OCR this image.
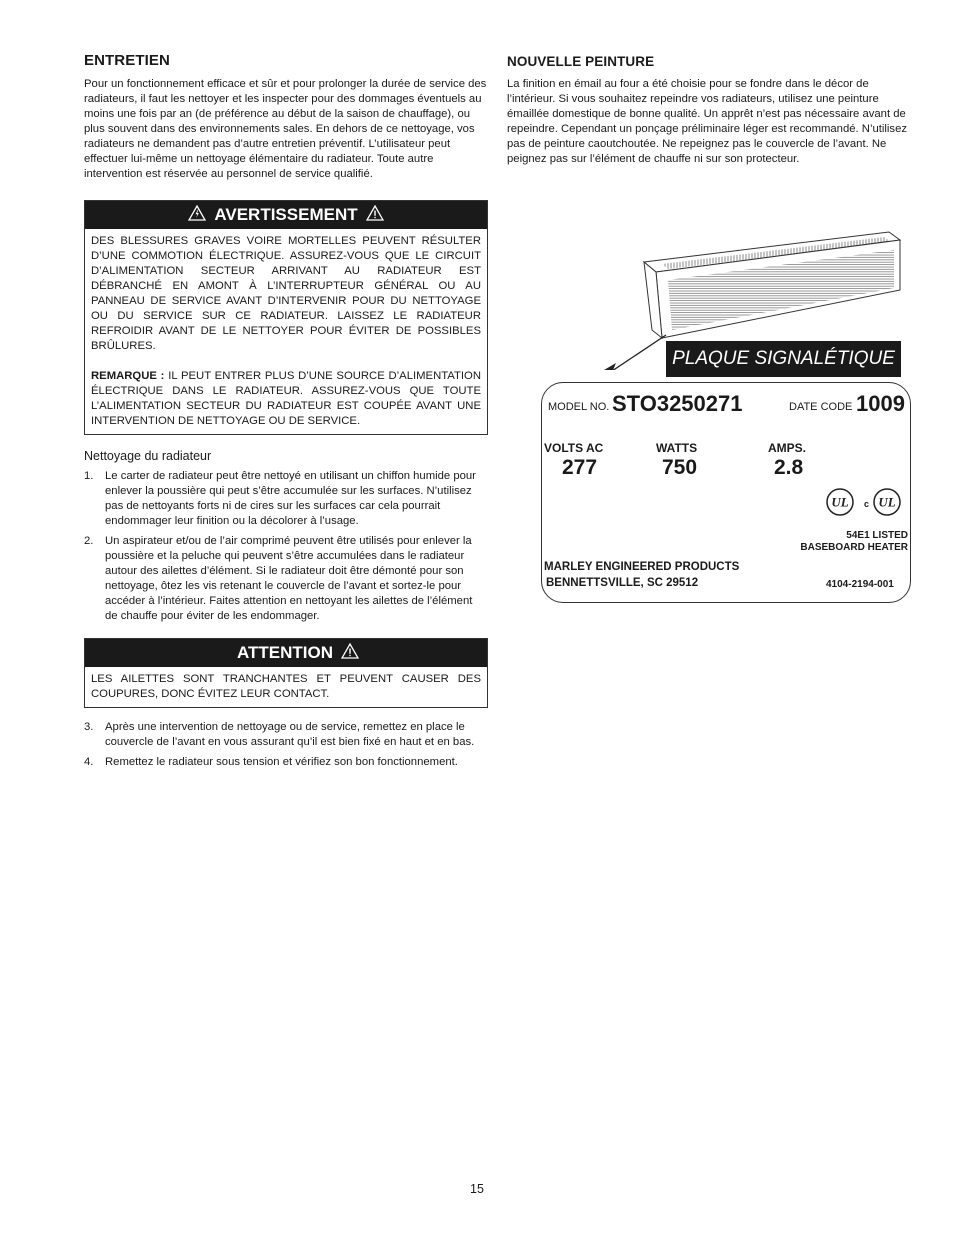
ENTRETIEN

Pour un fonctionnement efficace et sûr et pour prolonger la durée de service des radiateurs, il faut les nettoyer et les inspecter pour des dommages éventuels au moins une fois par an (de préférence au début de la saison de chauffage), ou plus souvent dans des environnements sales. En dehors de ce nettoyage, vos radiateurs ne demandent pas d’autre entretien préventif. L’utilisateur peut effectuer lui-même un nettoyage élémentaire du radiateur. Toute autre intervention est réservée au personnel de service qualifié.

AVERTISSEMENT

DES BLESSURES GRAVES VOIRE MORTELLES PEUVENT RÉSULTER D’UNE COMMOTION ÉLECTRIQUE. ASSUREZ-VOUS QUE LE CIRCUIT D’ALIMENTATION SECTEUR ARRIVANT AU RADIATEUR EST DÉBRANCHÉ EN AMONT À L’INTERRUPTEUR GÉNÉRAL OU AU PANNEAU DE SERVICE AVANT D’INTERVENIR POUR DU NETTOYAGE OU DU SERVICE SUR CE RADIATEUR. LAISSEZ LE RADIATEUR REFROIDIR AVANT DE LE NETTOYER POUR ÉVITER DE POSSIBLES BRÛLURES.

REMARQUE : IL PEUT ENTRER PLUS D’UNE SOURCE D’ALIMENTATION ÉLECTRIQUE DANS LE RADIATEUR. ASSUREZ-VOUS QUE TOUTE L’ALIMENTATION SECTEUR DU RADIATEUR EST COUPÉE AVANT UNE INTERVENTION DE NETTOYAGE OU DE SERVICE.

Nettoyage du radiateur
1. Le carter de radiateur peut être nettoyé en utilisant un chiffon humide pour enlever la poussière qui peut s’être accumulée sur les surfaces. N’utilisez pas de nettoyants forts ni de cires sur les surfaces car cela pourrait endommager leur finition ou la décolorer à l’usage.
2. Un aspirateur et/ou de l’air comprimé peuvent être utilisés pour enlever la poussière et la peluche qui peuvent s’être accumulées dans le radiateur autour des ailettes d’élément. Si le radiateur doit être démonté pour son nettoyage, ôtez les vis retenant le couvercle de l’avant et sortez-le pour accéder à l’intérieur. Faites attention en nettoyant les ailettes de l’élément de chauffe pour éviter de les endommager.
ATTENTION

LES AILETTES SONT TRANCHANTES ET PEUVENT CAUSER DES COUPURES, DONC ÉVITEZ LEUR CONTACT.

3. Après une intervention de nettoyage ou de service, remettez en place le couvercle de l’avant en vous assurant qu’il est bien fixé en haut et en bas.
4. Remettez le radiateur sous tension et vérifiez son bon fonctionnement.
NOUVELLE PEINTURE

La finition en émail au four a été choisie pour se fondre dans le décor de l’intérieur. Si vous souhaitez repeindre vos radiateurs, utilisez une peinture émaillée domestique de bonne qualité. Un apprêt n’est pas nécessaire avant de repeindre. Cependant un ponçage préliminaire léger est recommandé. N’utilisez pas de peinture caoutchoutée. Ne repeignez pas le couvercle de l’avant. Ne peignez pas sur l’élément de chauffe ni sur son protecteur.

PLAQUE SIGNALÉTIQUE
MODEL NO. STO3250271	DATE CODE 1009
VOLTS AC	WATTS	AMPS.
277	750	2.8
UL c UL
54E1 LISTED
BASEBOARD HEATER
MARLEY ENGINEERED PRODUCTS
BENNETTSVILLE, SC 29512	4104-2194-001
15
